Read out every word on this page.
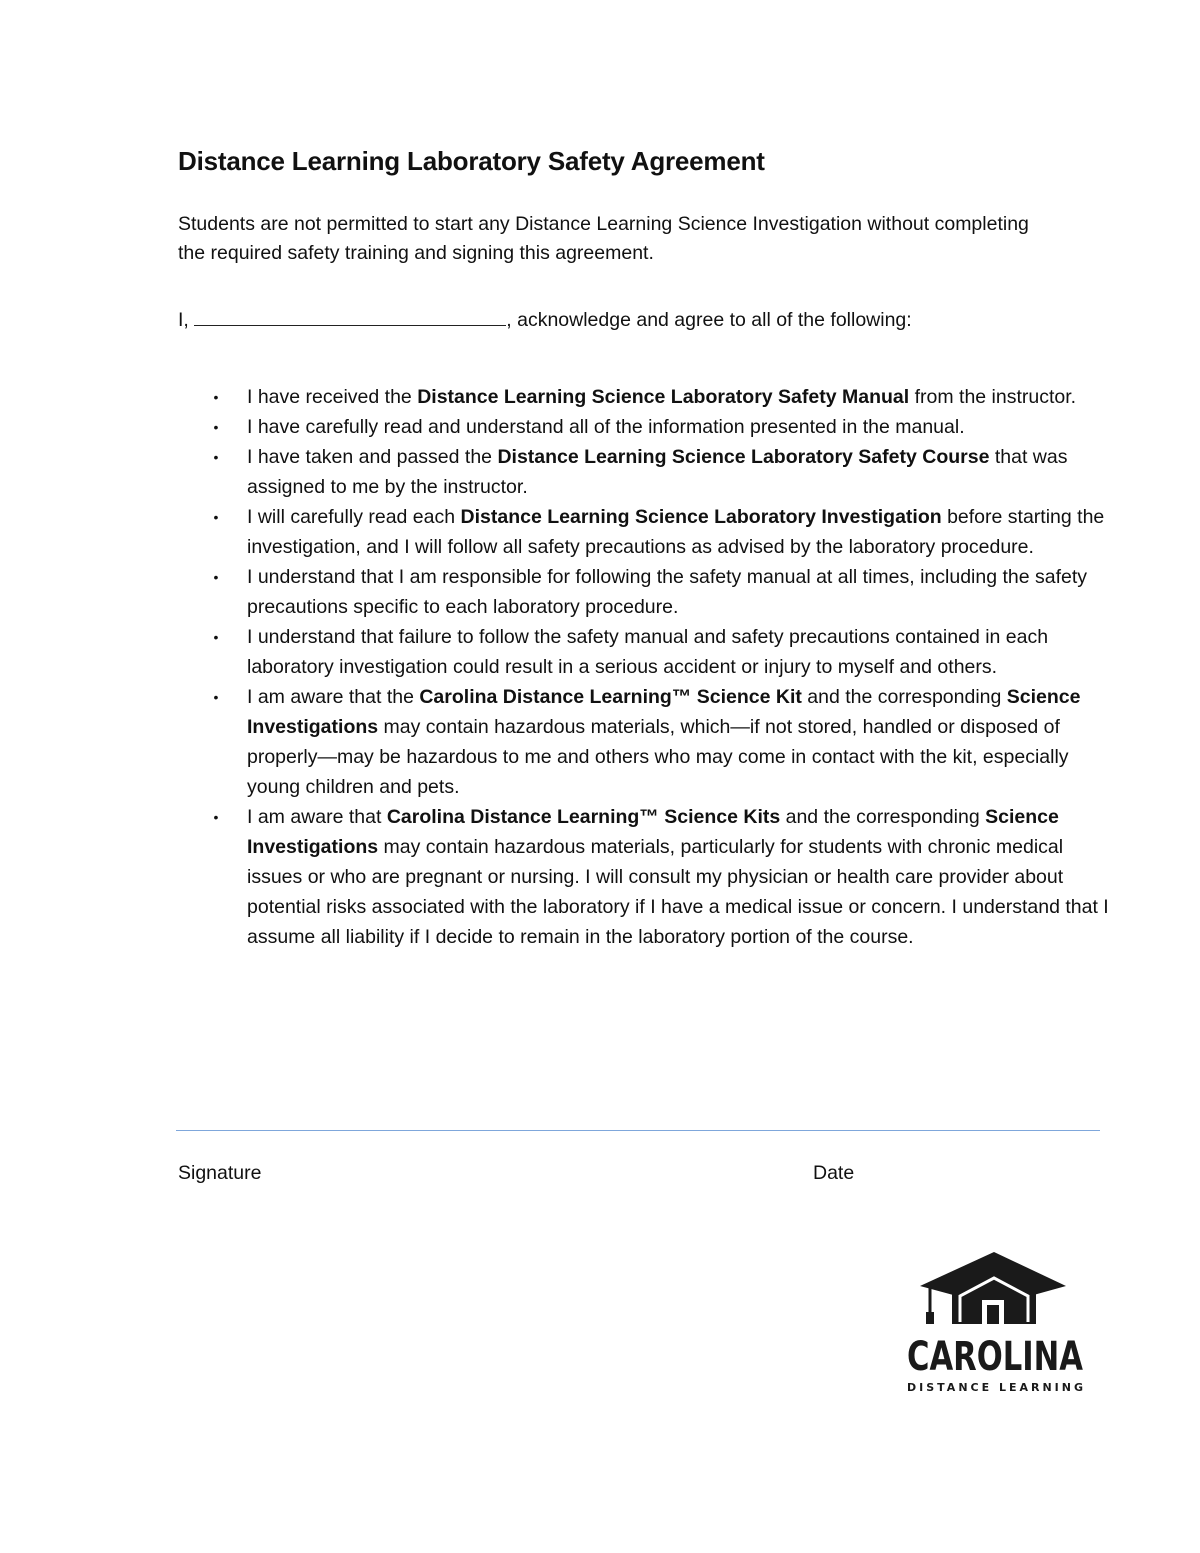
Distance Learning Laboratory Safety Agreement

Students are not permitted to start any Distance Learning Science Investigation without completing the required safety training and signing this agreement.

I,	, acknowledge and agree to all of the following:

• I have received the Distance Learning Science Laboratory Safety Manual from the instructor.
• I have carefully read and understand all of the information presented in the manual.
• I have taken and passed the Distance Learning Science Laboratory Safety Course that was assigned to me by the instructor.
• I will carefully read each Distance Learning Science Laboratory Investigation before starting the investigation, and I will follow all safety precautions as advised by the laboratory procedure.
• I understand that I am responsible for following the safety manual at all times, including the safety precautions specific to each laboratory procedure.
• I understand that failure to follow the safety manual and safety precautions contained in each laboratory investigation could result in a serious accident or injury to myself and others.
• I am aware that the Carolina Distance Learning™ Science Kit and the corresponding Science Investigations may contain hazardous materials, which—if not stored, handled or disposed of properly—may be hazardous to me and others who may come in contact with the kit, especially young children and pets.
• I am aware that Carolina Distance Learning™ Science Kits and the corresponding Science Investigations may contain hazardous materials, particularly for students with chronic medical issues or who are pregnant or nursing. I will consult my physician or health care provider about potential risks associated with the laboratory if I have a medical issue or concern. I understand that I assume all liability if I decide to remain in the laboratory portion of the course.

Signature	Date

CAROLINA
DISTANCE LEARNING
